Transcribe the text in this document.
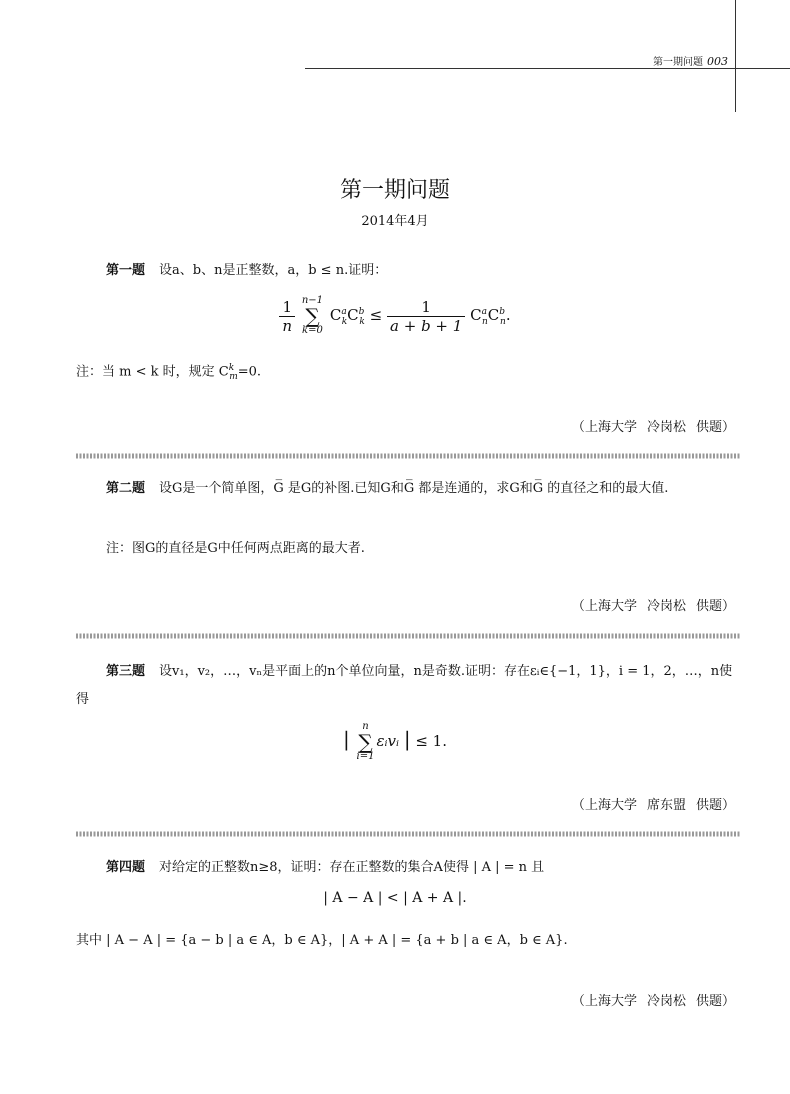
第一期问题 003
第一期问题
2014年4月
第一题 设a、b、n是正整数，a，b ≤ n.证明：
$\frac{1}{n} n-1$
∑
k=0 $C^a_kC^b_k \le \frac{1}{a + b + 1} C^a_nC^b_n$.
注：当 m < k 时，规定 $C^k_m=0$.
（上海大学 冷岗松 供题）
第二题 设G是一个简单图，G̅ 是G的补图.已知G和G̅ 都是连通的，求G和G̅ 的直径之和的最大值.
注：图G的直径是G中任何两点距离的最大者.
（上海大学 冷岗松 供题）
第三题 设v₁，v₂，…，vₙ是平面上的n个单位向量，n是奇数.证明：存在εᵢ∈{−1，1}，i = 1，2，…，n使得
| n
∑
i=1εᵢvᵢ | ≤ 1.
（上海大学 席东盟 供题）
第四题 对给定的正整数n≥8，证明：存在正整数的集合A使得 | A | = n 且
| A − A | < | A + A |.
其中 | A − A | = {a − b | a ∈ A，b ∈ A}，| A + A | = {a + b | a ∈ A，b ∈ A}.
（上海大学 冷岗松 供题）
